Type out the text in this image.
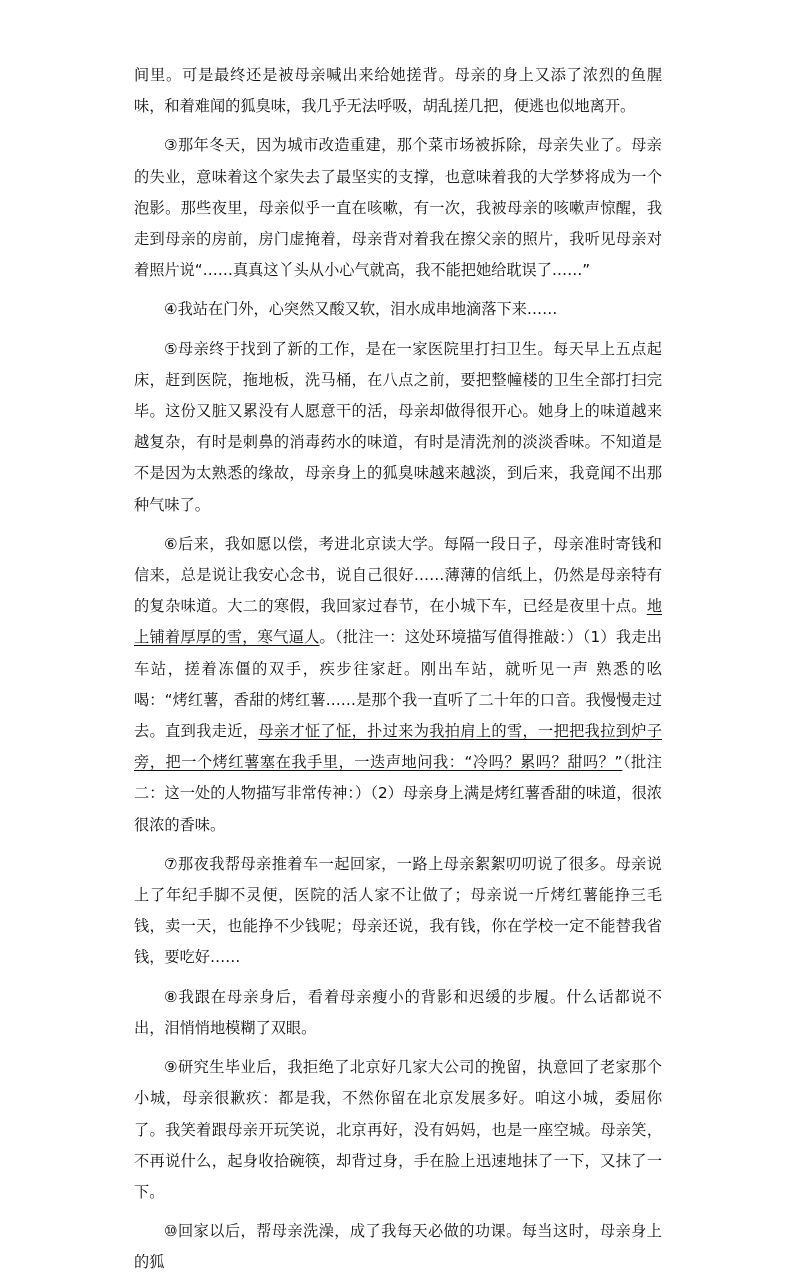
间里。可是最终还是被母亲喊出来给她搓背。母亲的身上又添了浓烈的鱼腥味，和着难闻的狐臭味，我几乎无法呼吸，胡乱搓几把，便逃也似地离开。

③那年冬天，因为城市改造重建，那个菜市场被拆除，母亲失业了。母亲的失业，意味着这个家失去了最坚实的支撑，也意味着我的大学梦将成为一个泡影。那些夜里，母亲似乎一直在咳嗽，有一次，我被母亲的咳嗽声惊醒，我走到母亲的房前，房门虚掩着，母亲背对着我在擦父亲的照片，我听见母亲对着照片说“……真真这丫头从小心气就高，我不能把她给耽误了……”

④我站在门外，心突然又酸又软，泪水成串地滴落下来……

⑤母亲终于找到了新的工作，是在一家医院里打扫卫生。每天早上五点起床，赶到医院，拖地板，洗马桶，在八点之前，要把整幢楼的卫生全部打扫完毕。这份又脏又累没有人愿意干的活，母亲却做得很开心。她身上的味道越来越复杂，有时是刺鼻的消毒药水的味道，有时是清洗剂的淡淡香味。不知道是不是因为太熟悉的缘故，母亲身上的狐臭味越来越淡，到后来，我竟闻不出那种气味了。

⑥后来，我如愿以偿，考进北京读大学。每隔一段日子，母亲准时寄钱和信来，总是说让我安心念书，说自己很好……薄薄的信纸上，仍然是母亲特有的复杂味道。大二的寒假，我回家过春节，在小城下车，已经是夜里十点。地上铺着厚厚的雪，寒气逼人。（批注一：这处环境描写值得推敲：）（1）我走出车站，搓着冻僵的双手，疾步往家赶。刚出车站，就听见一声 熟悉的吆喝：“烤红薯，香甜的烤红薯……是那个我一直听了二十年的口音。我慢慢走过去。直到我走近，母亲才怔了怔，扑过来为我拍肩上的雪，一把把我拉到炉子旁，把一个烤红薯塞在我手里，一迭声地问我：“冷吗？累吗？甜吗？”（批注二：这一处的人物描写非常传神：）（2）母亲身上满是烤红薯香甜的味道，很浓很浓的香味。

⑦那夜我帮母亲推着车一起回家，一路上母亲絮絮叨叨说了很多。母亲说上了年纪手脚不灵便，医院的活人家不让做了；母亲说一斤烤红薯能挣三毛钱，卖一天，也能挣不少钱呢；母亲还说，我有钱，你在学校一定不能替我省钱，要吃好……

⑧我跟在母亲身后，看着母亲瘦小的背影和迟缓的步履。什么话都说不出，泪悄悄地模糊了双眼。

⑨研究生毕业后，我拒绝了北京好几家大公司的挽留，执意回了老家那个小城，母亲很歉疚：都是我，不然你留在北京发展多好。咱这小城，委屈你了。我笑着跟母亲开玩笑说，北京再好，没有妈妈，也是一座空城。母亲笑，不再说什么，起身收拾碗筷，却背过身，手在脸上迅速地抹了一下，又抹了一下。

⑩回家以后，帮母亲洗澡，成了我每天必做的功课。每当这时，母亲身上的狐
